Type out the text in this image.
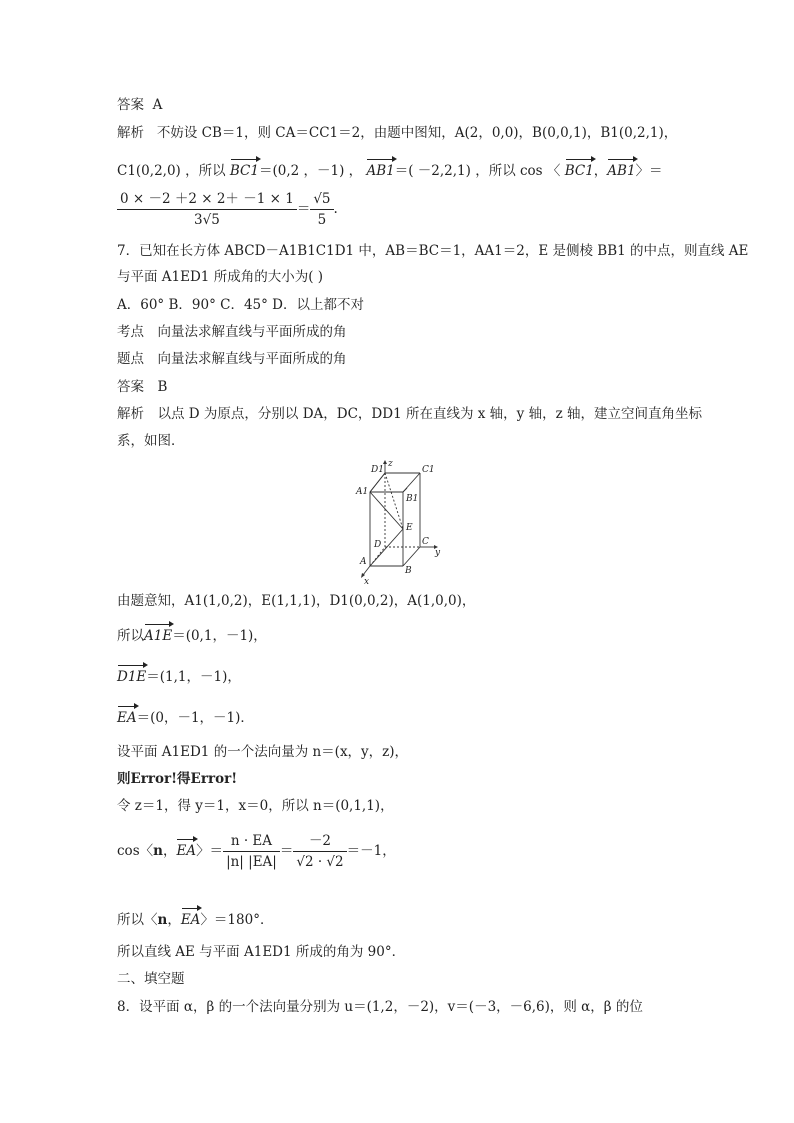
答案 A
解析 不妨设 CB＝1，则 CA＝CC1＝2，由题中图知，A(2，0,0)，B(0,0,1)，B1(0,2,1)，
C1(0,2,0) ，所以 BC1＝(0,2 ，－1) ， AB1＝( －2,2,1) ，所以 cos 〈 BC1，AB1〉＝
$\frac{0 \times -2 +2 \times 2+ -1 \times 1}{3√5} = \frac{√5}{5}$ .
7．已知在长方体 ABCD－A1B1C1D1 中，AB＝BC＝1，AA1＝2，E 是侧棱 BB1 的中点，则直线 AE
与平面 A1ED1 所成角的大小为( )
A．60° B．90° C．45° D．以上都不对
考点　向量法求解直线与平面所成的角
题点　向量法求解直线与平面所成的角
答案　B
解析　以点 D 为原点，分别以 DA，DC，DD1 所在直线为 x 轴，y 轴，z 轴，建立空间直角坐标
系，如图．
D1
z
C1
A1
B1
E
D	C
y
A
B
x
由题意知，A1(1,0,2)，E(1,1,1)，D1(0,0,2)，A(1,0,0)，
所以A1E＝(0,1，－1)，
D1E＝(1,1，－1)，
EA＝(0，－1，－1)．
设平面 A1ED1 的一个法向量为 n＝(x，y，z)，
则Error!得Error!
令 z＝1，得 y＝1，x＝0，所以 n＝(0,1,1)，
cos〈n，EA〉＝ $\frac{n \cdot EA}{|n| |EA|} = \frac{-2}{√2 \cdot √2} =-1$，
所以〈n，EA〉＝180°．
所以直线 AE 与平面 A1ED1 所成的角为 90°．
二、填空题
8．设平面 α，β 的一个法向量分别为 u＝(1,2，－2)，v＝(－3，－6,6)，则 α，β 的位
